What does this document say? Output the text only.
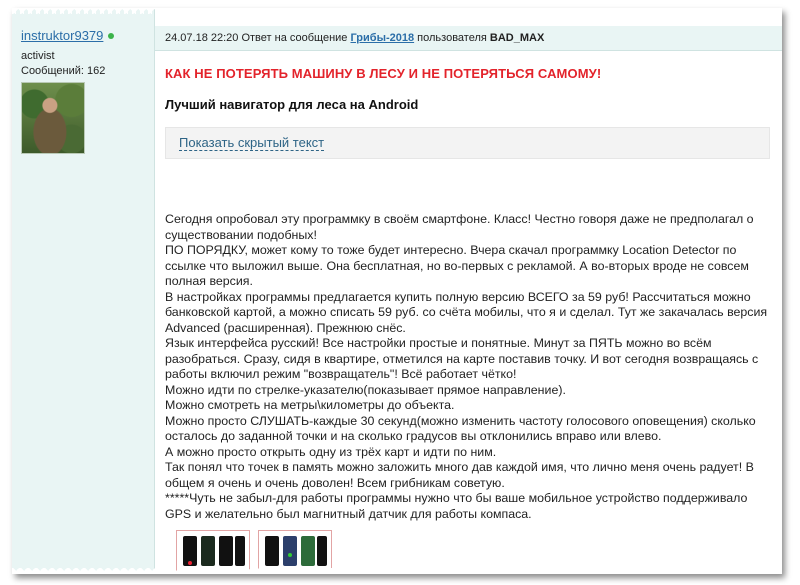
instruktor9379
activist
Сообщений: 162
24.07.18 22:20 Ответ на сообщение Грибы-2018 пользователя BAD_MAX
КАК НЕ ПОТЕРЯТЬ МАШИНУ В ЛЕСУ И НЕ ПОТЕРЯТЬСЯ САМОМУ!
Лучший навигатор для леса на Android
Показать скрытый текст

Сегодня опробовал эту программку в своём смартфоне. Класс! Честно говоря даже не предполагал о существовании подобных!

ПО ПОРЯДКУ, может кому то тоже будет интересно. Вчера скачал программку Location Detector по ссылке что выложил выше. Она бесплатная, но во-первых с рекламой. А во-вторых вроде не совсем полная версия.

В настройках программы предлагается купить полную версию ВСЕГО за 59 руб! Рассчитаться можно банковской картой, а можно списать 59 руб. со счёта мобилы, что я и сделал. Тут же закачалась версия Advanced (расширенная). Прежнюю снёс.

Язык интерфейса русский! Все настройки простые и понятные. Минут за ПЯТЬ можно во всём разобраться. Сразу, сидя в квартире, отметился на карте поставив точку. И вот сегодня возвращаясь с работы включил режим "возвращатель"! Всё работает чётко!

Можно идти по стрелке-указателю(показывает прямое направление).

Можно смотреть на метры\километры до объекта.

Можно просто СЛУШАТЬ-каждые 30 секунд(можно изменить частоту голосового оповещения) сколько осталось до заданной точки и на сколько градусов вы отклонились вправо или влево.

А можно просто открыть одну из трёх карт и идти по ним.

Так понял что точек в память можно заложить много дав каждой имя, что лично меня очень радует! В общем я очень и очень доволен! Всем грибникам советую.

*****Чуть не забыл-для работы программы нужно что бы ваше мобильное устройство поддерживало GPS и желательно был магнитный датчик для работы компаса.
